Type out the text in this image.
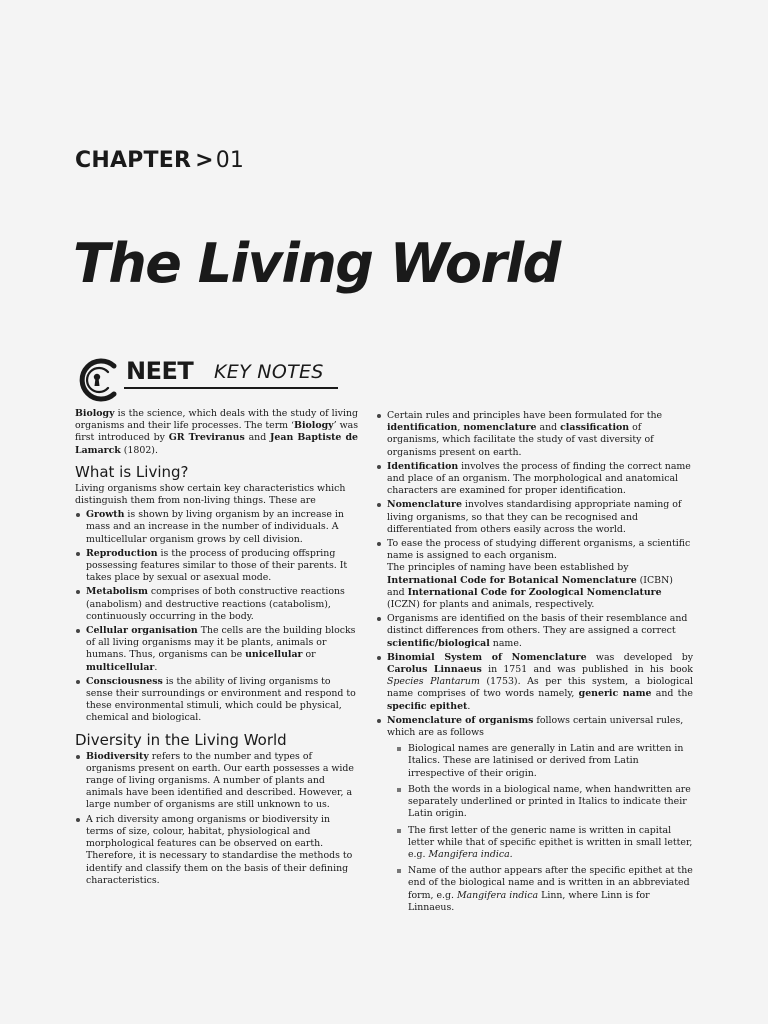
CHAPTER >01
The Living World
NEET KEY NOTES

Biology is the science, which deals with the study of living organisms and their life processes. The term ‘Biology’ was first introduced by GR Treviranus and Jean Baptiste de Lamarck (1802).

What is Living?

Living organisms show certain key characteristics which distinguish them from non-living things. These are

Growth is shown by living organism by an increase in mass and an increase in the number of individuals. A multicellular organism grows by cell division.
Reproduction is the process of producing offspring possessing features similar to those of their parents. It takes place by sexual or asexual mode.
Metabolism comprises of both constructive reactions (anabolism) and destructive reactions (catabolism), continuously occurring in the body.
Cellular organisation The cells are the building blocks of all living organisms may it be plants, animals or humans. Thus, organisms can be unicellular or multicellular.
Consciousness is the ability of living organisms to sense their surroundings or environment and respond to these environmental stimuli, which could be physical, chemical and biological.
Diversity in the Living World
Biodiversity refers to the number and types of organisms present on earth. Our earth possesses a wide range of living organisms. A number of plants and animals have been identified and described. However, a large number of organisms are still unknown to us.
A rich diversity among organisms or biodiversity in terms of size, colour, habitat, physiological and morphological features can be observed on earth. Therefore, it is necessary to standardise the methods to identify and classify them on the basis of their defining characteristics.
Certain rules and principles have been formulated for the identification, nomenclature and classification of organisms, which facilitate the study of vast diversity of organisms present on earth.
Identification involves the process of finding the correct name and place of an organism. The morphological and anatomical characters are examined for proper identification.
Nomenclature involves standardising appropriate naming of living organisms, so that they can be recognised and differentiated from others easily across the world.
To ease the process of studying different organisms, a scientific name is assigned to each organism.
The principles of naming have been established by International Code for Botanical Nomenclature (ICBN) and International Code for Zoological Nomenclature (ICZN) for plants and animals, respectively.
Organisms are identified on the basis of their resemblance and distinct differences from others. They are assigned a correct scientific/biological name.
Binomial System of Nomenclature was developed by Carolus Linnaeus in 1751 and was published in his book Species Plantarum (1753). As per this system, a biological name comprises of two words namely, generic name and the specific epithet.
Nomenclature of organisms follows certain universal rules, which are as follows
Biological names are generally in Latin and are written in Italics. These are latinised or derived from Latin irrespective of their origin.
Both the words in a biological name, when handwritten are separately underlined or printed in Italics to indicate their Latin origin.
The first letter of the generic name is written in capital letter while that of specific epithet is written in small letter, e.g. Mangifera indica.
Name of the author appears after the specific epithet at the end of the biological name and is written in an abbreviated form, e.g. Mangifera indica Linn, where Linn is for Linnaeus.
